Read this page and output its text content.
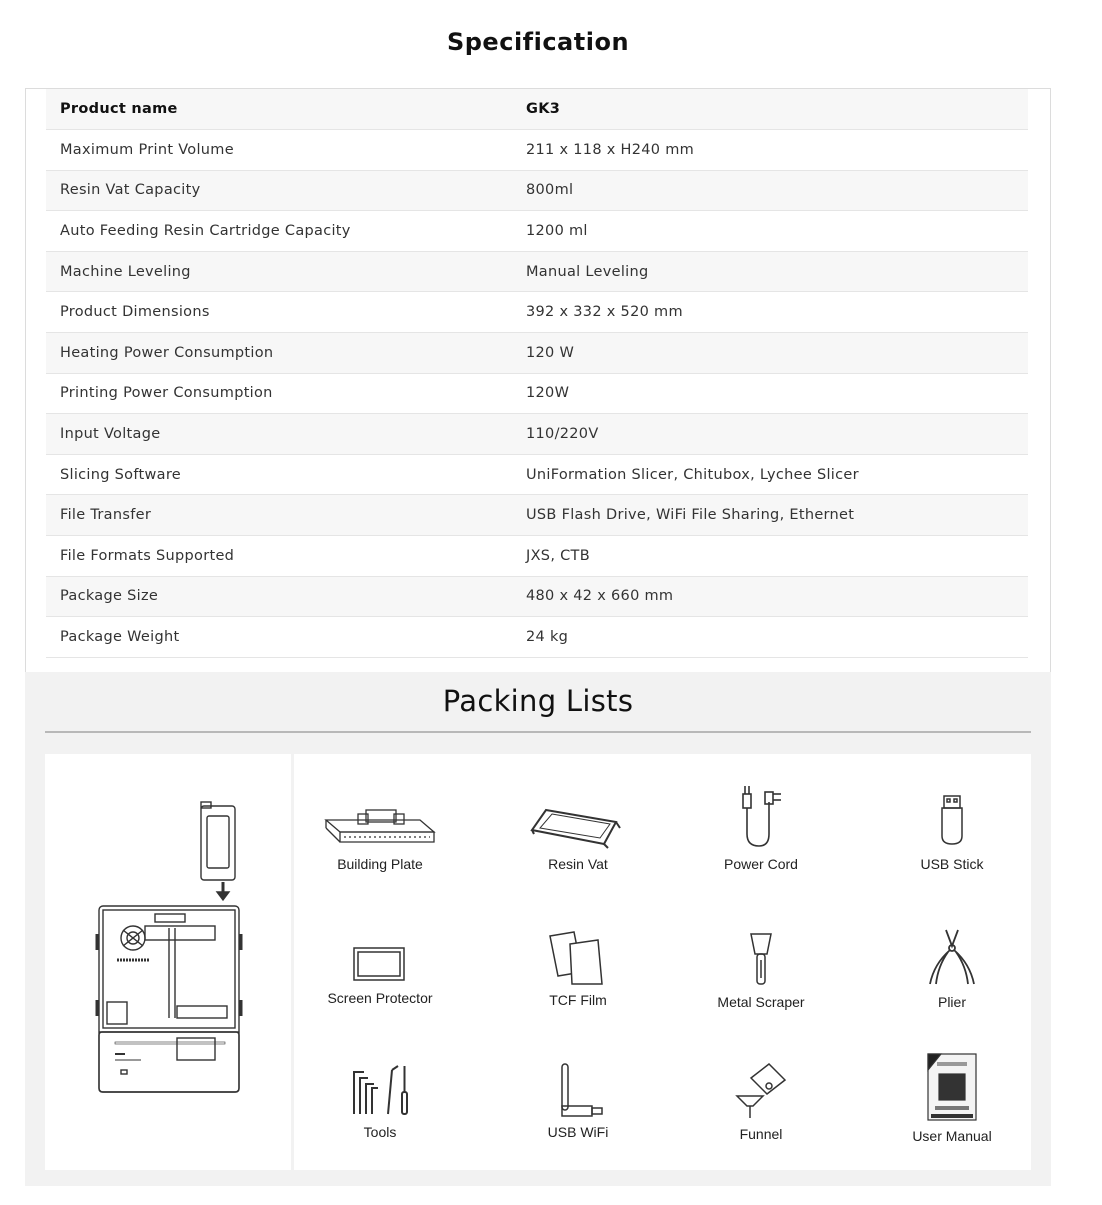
Specification
Product name	GK3
Maximum Print Volume	211 x 118 x H240 mm
Resin Vat Capacity	800ml
Auto Feeding Resin Cartridge Capacity	1200 ml
Machine Leveling	Manual Leveling
Product Dimensions	392 x 332 x 520 mm
Heating Power Consumption	120 W
Printing Power Consumption	120W
Input Voltage	110/220V
Slicing Software	UniFormation Slicer, Chitubox, Lychee Slicer
File Transfer	USB Flash Drive, WiFi File Sharing, Ethernet
File Formats Supported	JXS, CTB
Package Size	480 x 42 x 660 mm
Package Weight	24 kg
Packing Lists
Building Plate	Resin Vat	Power Cord	USB Stick
Screen Protector	TCF Film	Metal Scraper	Plier
Tools	USB WiFi	Funnel	User Manual
